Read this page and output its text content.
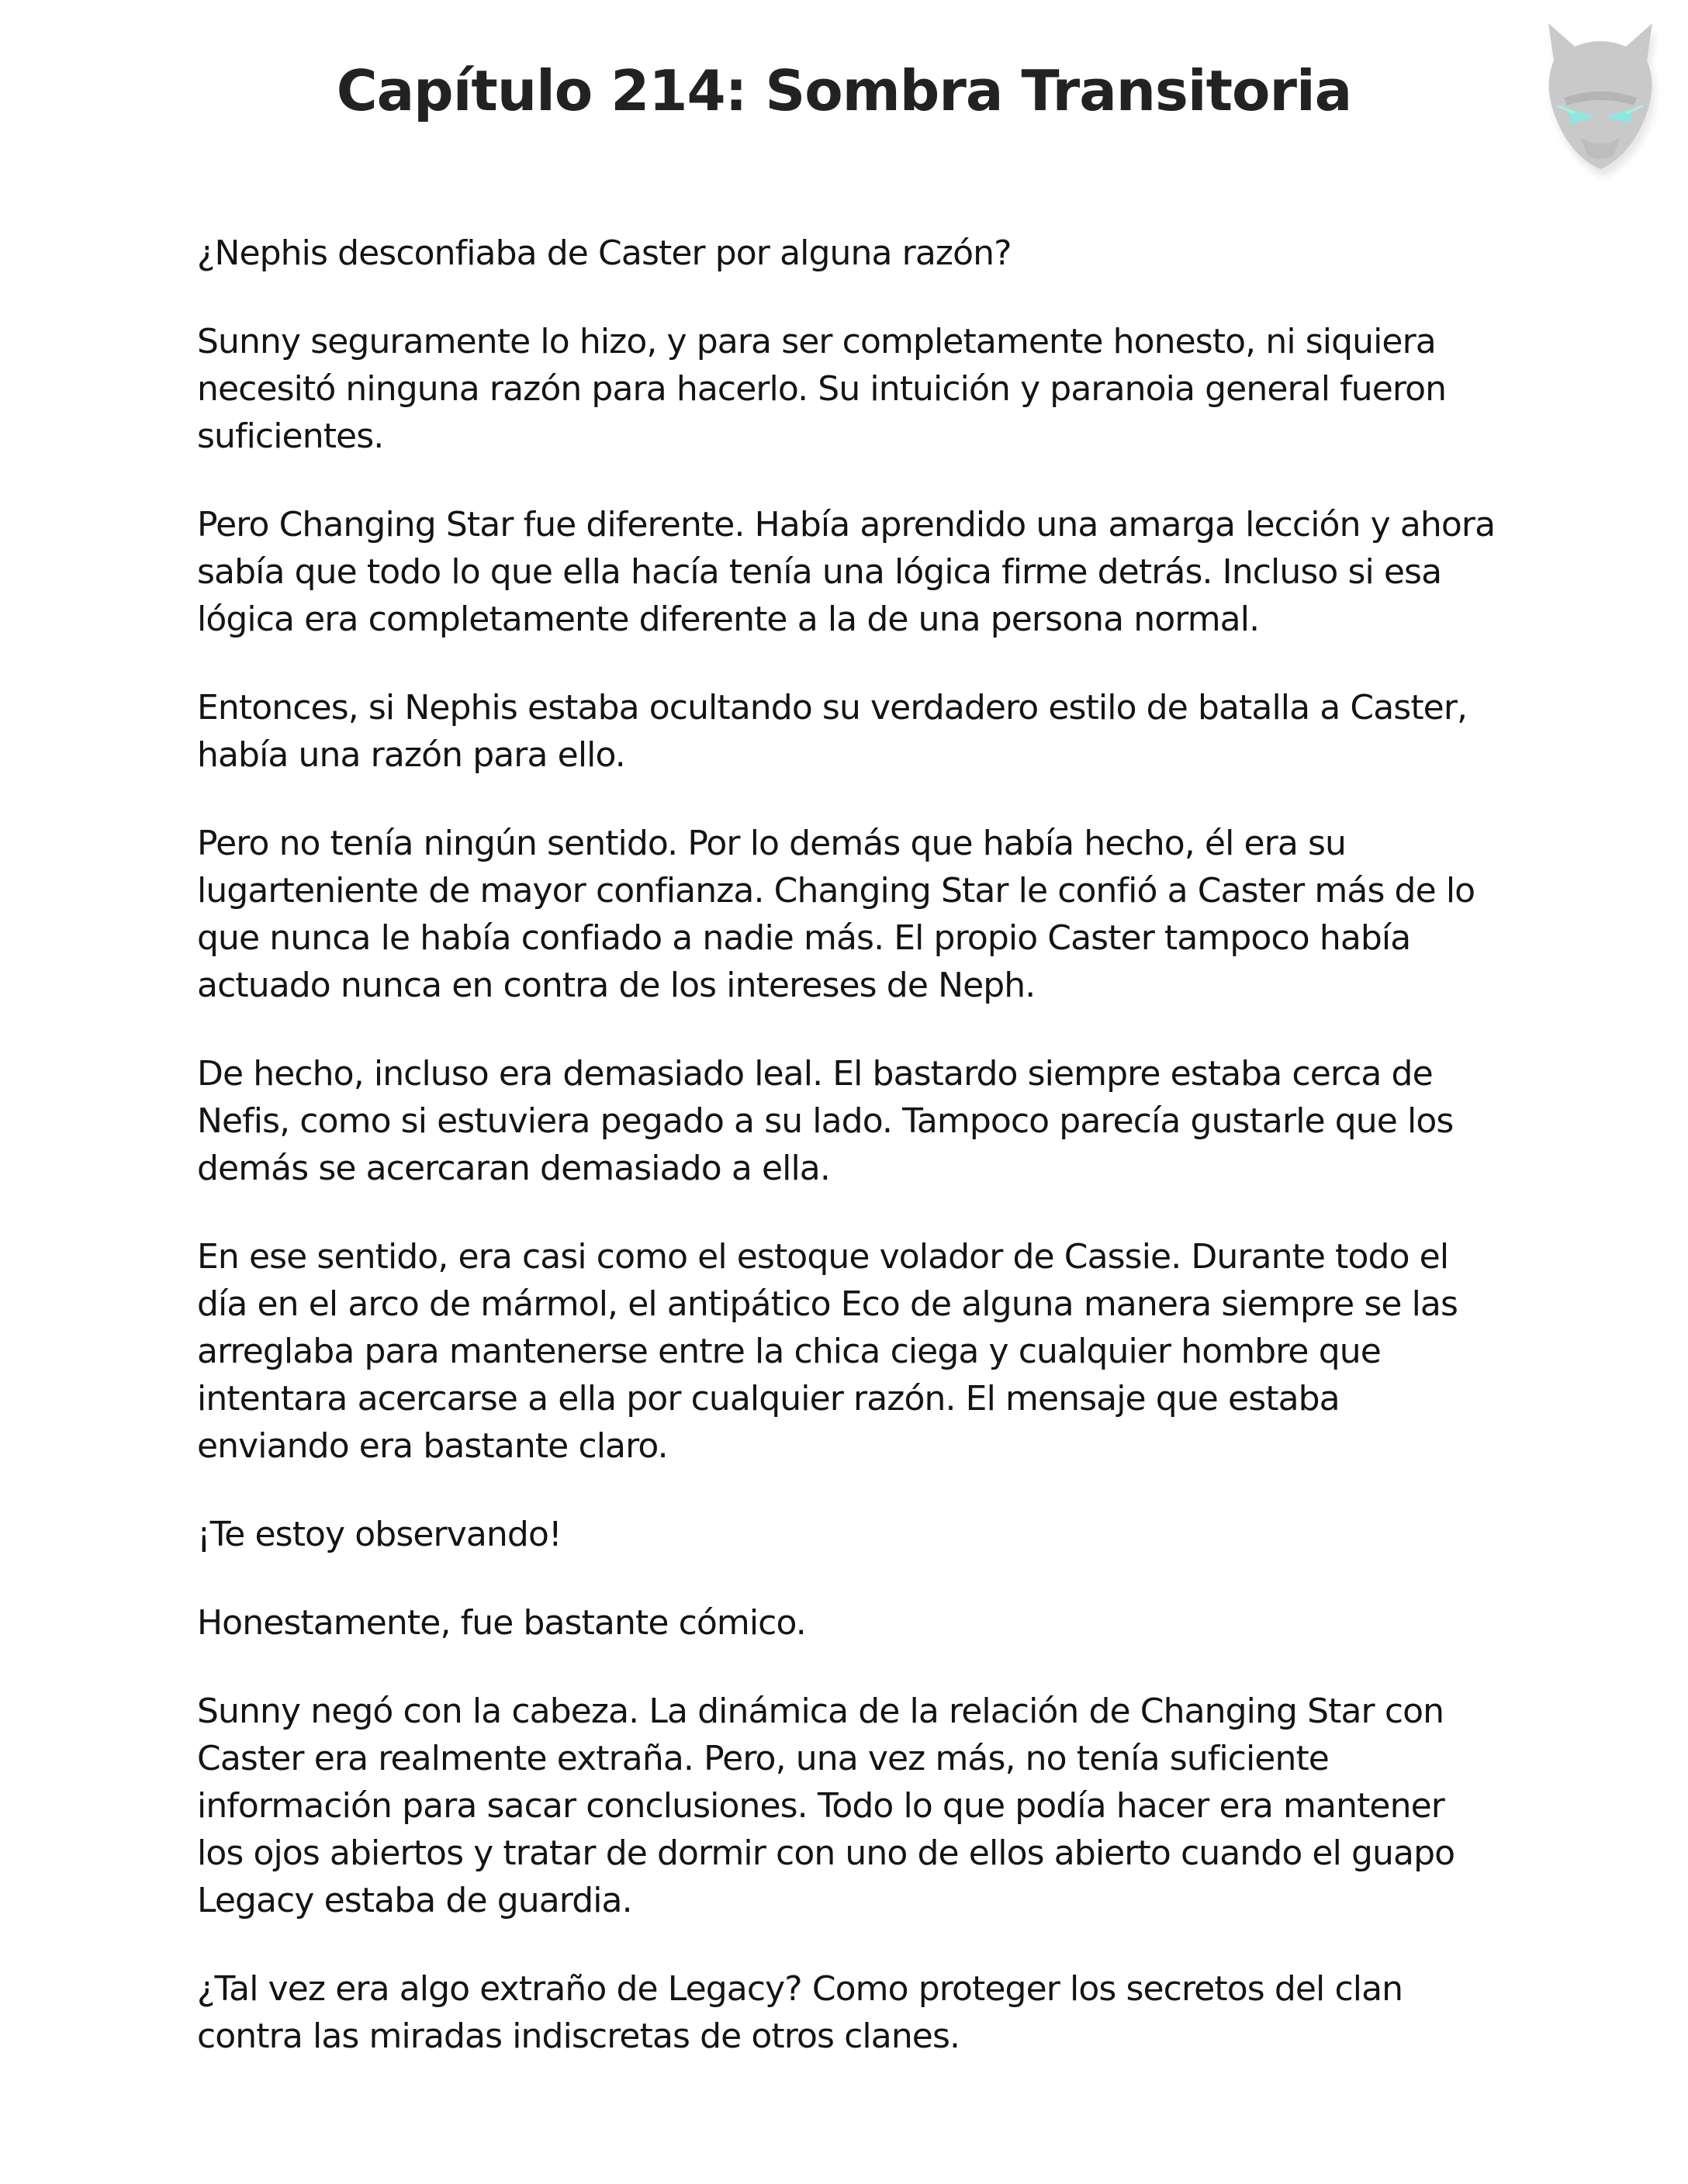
Capítulo 214: Sombra Transitoria

¿Nephis desconfiaba de Caster por alguna razón?

Sunny seguramente lo hizo, y para ser completamente honesto, ni siquiera necesitó ninguna razón para hacerlo. Su intuición y paranoia general fueron suficientes.

Pero Changing Star fue diferente. Había aprendido una amarga lección y ahora sabía que todo lo que ella hacía tenía una lógica firme detrás. Incluso si esa lógica era completamente diferente a la de una persona normal.

Entonces, si Nephis estaba ocultando su verdadero estilo de batalla a Caster, había una razón para ello.

Pero no tenía ningún sentido. Por lo demás que había hecho, él era su lugarteniente de mayor confianza. Changing Star le confió a Caster más de lo que nunca le había confiado a nadie más. El propio Caster tampoco había actuado nunca en contra de los intereses de Neph.

De hecho, incluso era demasiado leal. El bastardo siempre estaba cerca de Nefis, como si estuviera pegado a su lado. Tampoco parecía gustarle que los demás se acercaran demasiado a ella.

En ese sentido, era casi como el estoque volador de Cassie. Durante todo el día en el arco de mármol, el antipático Eco de alguna manera siempre se las arreglaba para mantenerse entre la chica ciega y cualquier hombre que intentara acercarse a ella por cualquier razón. El mensaje que estaba enviando era bastante claro.

¡Te estoy observando!

Honestamente, fue bastante cómico.

Sunny negó con la cabeza. La dinámica de la relación de Changing Star con Caster era realmente extraña. Pero, una vez más, no tenía suficiente información para sacar conclusiones. Todo lo que podía hacer era mantener los ojos abiertos y tratar de dormir con uno de ellos abierto cuando el guapo Legacy estaba de guardia.

¿Tal vez era algo extraño de Legacy? Como proteger los secretos del clan contra las miradas indiscretas de otros clanes.
